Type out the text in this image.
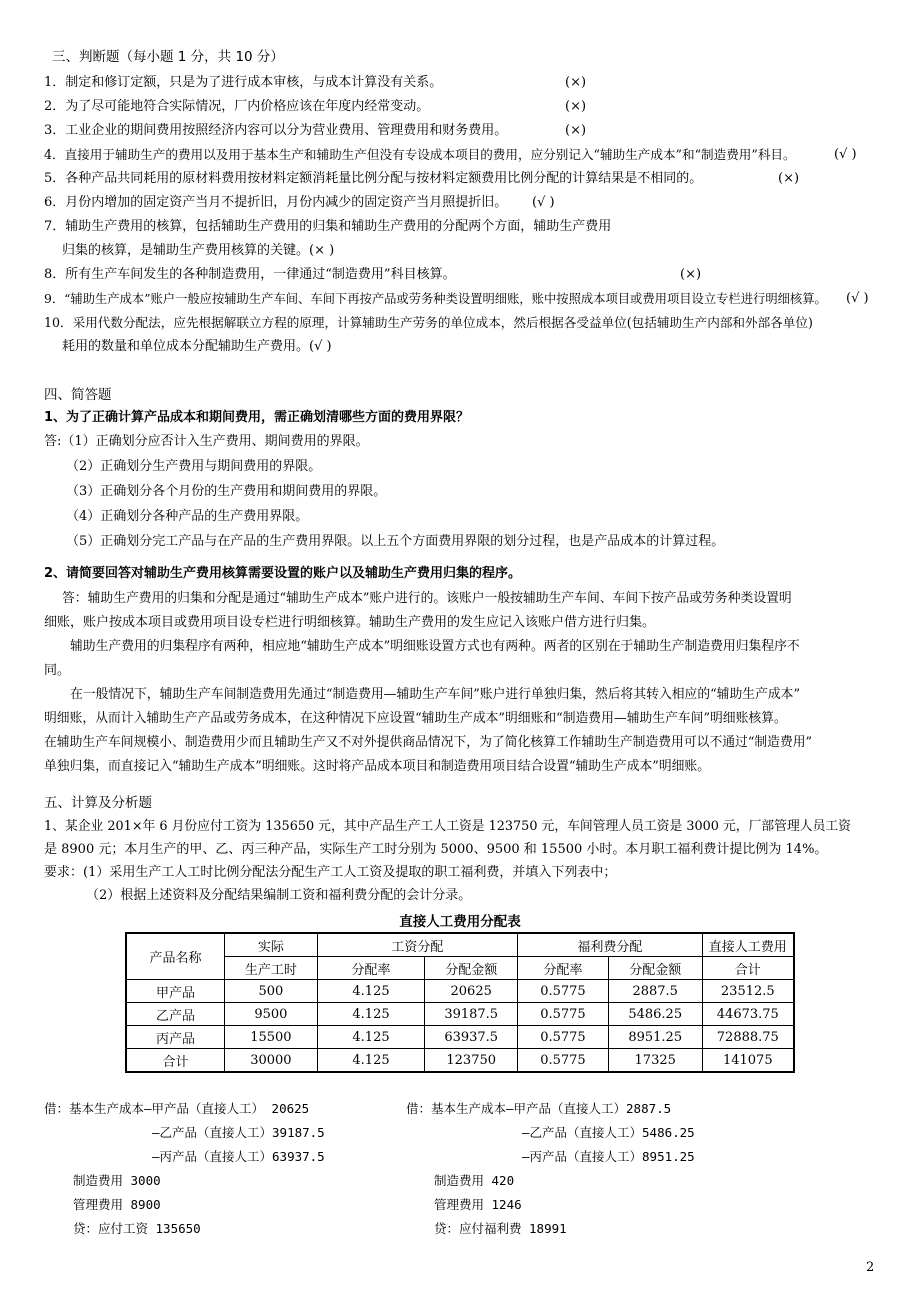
三、判断题（每小题 1 分，共 10 分）
1．制定和修订定额，只是为了进行成本审核，与成本计算没有关系。	(×)
2．为了尽可能地符合实际情况，厂内价格应该在年度内经常变动。	(×)
3．工业企业的期间费用按照经济内容可以分为营业费用、管理费用和财务费用。	(×)
4．直接用于辅助生产的费用以及用于基本生产和辅助生产但没有专设成本项目的费用，应分别记入“辅助生产成本”和“制造费用”科目。	(√ )
5．各种产品共同耗用的原材料费用按材料定额消耗量比例分配与按材料定额费用比例分配的计算结果是不相同的。	(×)
6．月份内增加的固定资产当月不提折旧，月份内减少的固定资产当月照提折旧。 (√ )
7．辅助生产费用的核算，包括辅助生产费用的归集和辅助生产费用的分配两个方面，辅助生产费用
归集的核算，是辅助生产费用核算的关键。(× )
8．所有生产车间发生的各种制造费用，一律通过“制造费用”科目核算。	(×)
9．“辅助生产成本”账户一般应按辅助生产车间、车间下再按产品或劳务种类设置明细账，账中按照成本项目或费用项目设立专栏进行明细核算。 (√ )
10．采用代数分配法，应先根据解联立方程的原理，计算辅助生产劳务的单位成本，然后根据各受益单位(包括辅助生产内部和外部各单位)
耗用的数量和单位成本分配辅助生产费用。(√ )
四、简答题
1、为了正确计算产品成本和期间费用，需正确划清哪些方面的费用界限？
答:（1）正确划分应否计入生产费用、期间费用的界限。
（2）正确划分生产费用与期间费用的界限。
（3）正确划分各个月份的生产费用和期间费用的界限。
（4）正确划分各种产品的生产费用界限。
（5）正确划分完工产品与在产品的生产费用界限。以上五个方面费用界限的划分过程，也是产品成本的计算过程。
2、请简要回答对辅助生产费用核算需要设置的账户以及辅助生产费用归集的程序。
答：辅助生产费用的归集和分配是通过“辅助生产成本”账户进行的。该账户一般按辅助生产车间、车间下按产品或劳务种类设置明
细账，账户按成本项目或费用项目设专栏进行明细核算。辅助生产费用的发生应记入该账户借方进行归集。
辅助生产费用的归集程序有两种，相应地“辅助生产成本”明细账设置方式也有两种。两者的区别在于辅助生产制造费用归集程序不
同。
在一般情况下，辅助生产车间制造费用先通过“制造费用—辅助生产车间”账户进行单独归集，然后将其转入相应的“辅助生产成本”
明细账，从而计入辅助生产产品或劳务成本，在这种情况下应设置“辅助生产成本”明细账和“制造费用—辅助生产车间”明细账核算。
在辅助生产车间规模小、制造费用少而且辅助生产又不对外提供商品情况下，为了简化核算工作辅助生产制造费用可以不通过“制造费用”
单独归集，而直接记入“辅助生产成本”明细账。这时将产品成本项目和制造费用项目结合设置“辅助生产成本”明细账。
五、计算及分析题
1、某企业 201×年 6 月份应付工资为 135650 元，其中产品生产工人工资是 123750 元，车间管理人员工资是 3000 元，厂部管理人员工资
是 8900 元；本月生产的甲、乙、丙三种产品，实际生产工时分别为 5000、9500 和 15500 小时。本月职工福利费计提比例为 14%。
要求：(1）采用生产工人工时比例分配法分配生产工人工资及提取的职工福利费，并填入下列表中；
（2）根据上述资料及分配结果编制工资和福利费分配的会计分录。
直接人工费用分配表
产品名称	实际	工资分配		福利费分配		直接人工费用
	生产工时	分配率	分配金额	分配率	分配金额	合计
甲产品	500	4.125	20625	0.5775	2887.5	23512.5
乙产品	9500	4.125	39187.5	0.5775	5486.25	44673.75
丙产品	15500	4.125	63937.5	0.5775	8951.25	72888.75
合计	30000	4.125	123750	0.5775	17325	141075
借：基本生产成本—甲产品（直接人工） 20625
—乙产品（直接人工）39187.5
—丙产品（直接人工）63937.5
制造费用 3000
管理费用 8900
贷：应付工资 135650
借：基本生产成本—甲产品（直接人工）2887.5
—乙产品（直接人工）5486.25
—丙产品（直接人工）8951.25
制造费用 420
管理费用 1246
贷：应付福利费 18991
2
